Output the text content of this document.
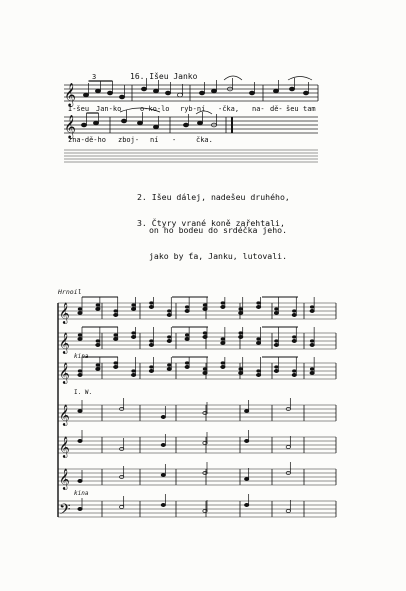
𝄞
𝄞
3	16. Išeu Janko
I-šeu Jan-ko	o-ko-lo ryb-ní -čka, na- dě- šeu tam
zna-dě-ho zboj- ní -	čka.

2. Išeu dálej, nadešeu druhého,

on ho bodeu do srdéčka jeho.

3. Čtyry vrané koně zařehtali,

jako by ťa, Janku, lutovali.

𝄞
𝄞
𝄞
𝄞
𝄞
𝄞
𝄢
Hrnoil
kina
I. W.
kina
